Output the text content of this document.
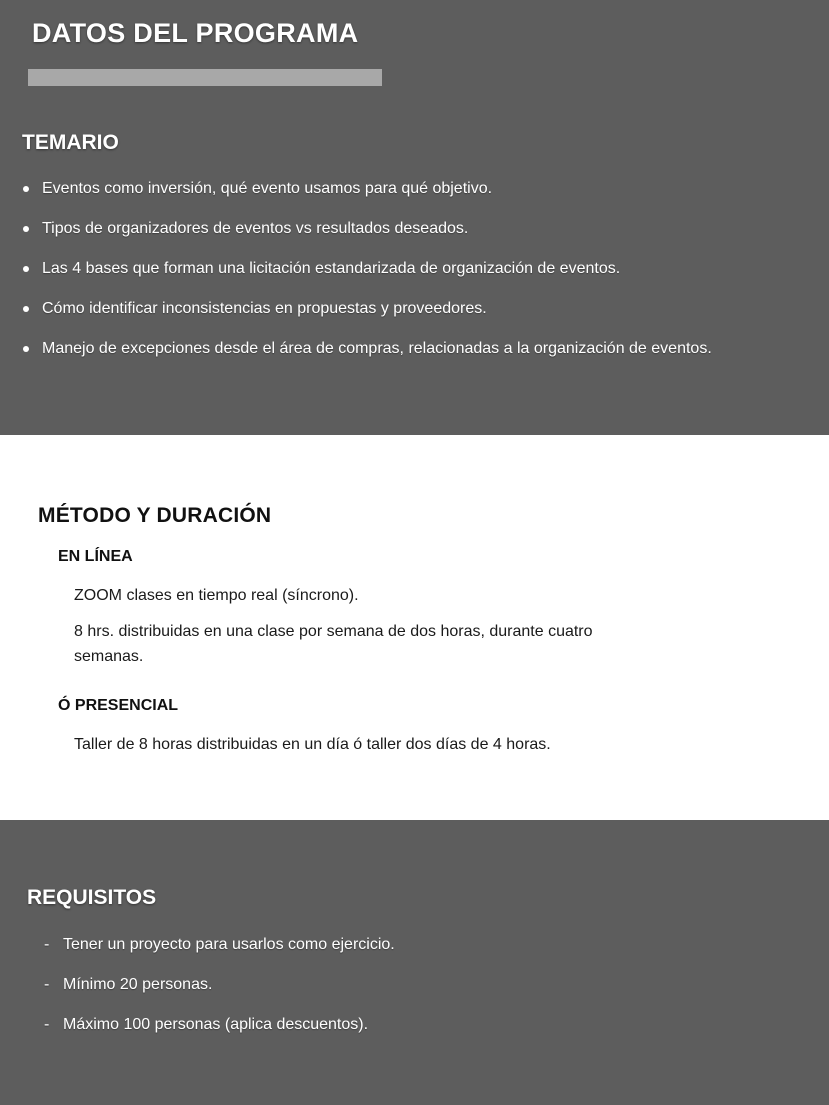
DATOS DEL PROGRAMA
TEMARIO
Eventos como inversión, qué evento usamos para qué objetivo.
Tipos de organizadores de eventos vs resultados deseados.
Las 4 bases que forman una licitación estandarizada de organización de eventos.
Cómo identificar inconsistencias en propuestas y proveedores.
Manejo de excepciones desde el área de compras, relacionadas a la organización de eventos.
MÉTODO Y DURACIÓN
EN LÍNEA

ZOOM clases en tiempo real (síncrono).

8 hrs. distribuidas en una clase por semana de dos horas, durante cuatro semanas.

Ó PRESENCIAL

Taller de 8 horas distribuidas en un día ó taller dos días de 4 horas.

REQUISITOS
- Tener un proyecto para usarlos como ejercicio.
- Mínimo 20 personas.
- Máximo 100 personas (aplica descuentos).
